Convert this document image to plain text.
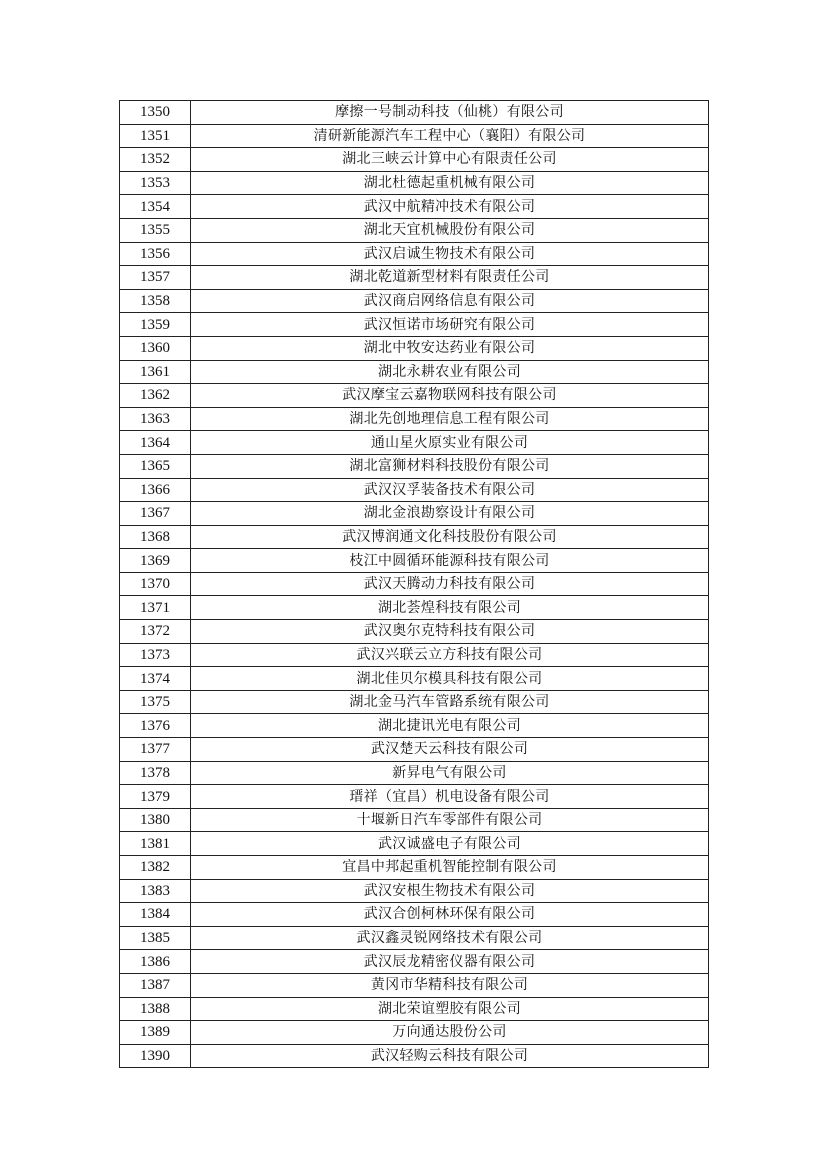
1350	摩擦一号制动科技（仙桃）有限公司
1351	清研新能源汽车工程中心（襄阳）有限公司
1352	湖北三峡云计算中心有限责任公司
1353	湖北杜德起重机械有限公司
1354	武汉中航精冲技术有限公司
1355	湖北天宜机械股份有限公司
1356	武汉启诚生物技术有限公司
1357	湖北乾道新型材料有限责任公司
1358	武汉商启网络信息有限公司
1359	武汉恒诺市场研究有限公司
1360	湖北中牧安达药业有限公司
1361	湖北永耕农业有限公司
1362	武汉摩宝云嘉物联网科技有限公司
1363	湖北先创地理信息工程有限公司
1364	通山星火原实业有限公司
1365	湖北富狮材料科技股份有限公司
1366	武汉汉孚装备技术有限公司
1367	湖北金浪勘察设计有限公司
1368	武汉博润通文化科技股份有限公司
1369	枝江中圆循环能源科技有限公司
1370	武汉天腾动力科技有限公司
1371	湖北荟煌科技有限公司
1372	武汉奥尔克特科技有限公司
1373	武汉兴联云立方科技有限公司
1374	湖北佳贝尔模具科技有限公司
1375	湖北金马汽车管路系统有限公司
1376	湖北捷讯光电有限公司
1377	武汉楚天云科技有限公司
1378	新昇电气有限公司
1379	瑨祥（宜昌）机电设备有限公司
1380	十堰新日汽车零部件有限公司
1381	武汉诚盛电子有限公司
1382	宜昌中邦起重机智能控制有限公司
1383	武汉安根生物技术有限公司
1384	武汉合创柯林环保有限公司
1385	武汉鑫灵锐网络技术有限公司
1386	武汉辰龙精密仪器有限公司
1387	黄冈市华精科技有限公司
1388	湖北荣谊塑胶有限公司
1389	万向通达股份公司
1390	武汉轻购云科技有限公司
